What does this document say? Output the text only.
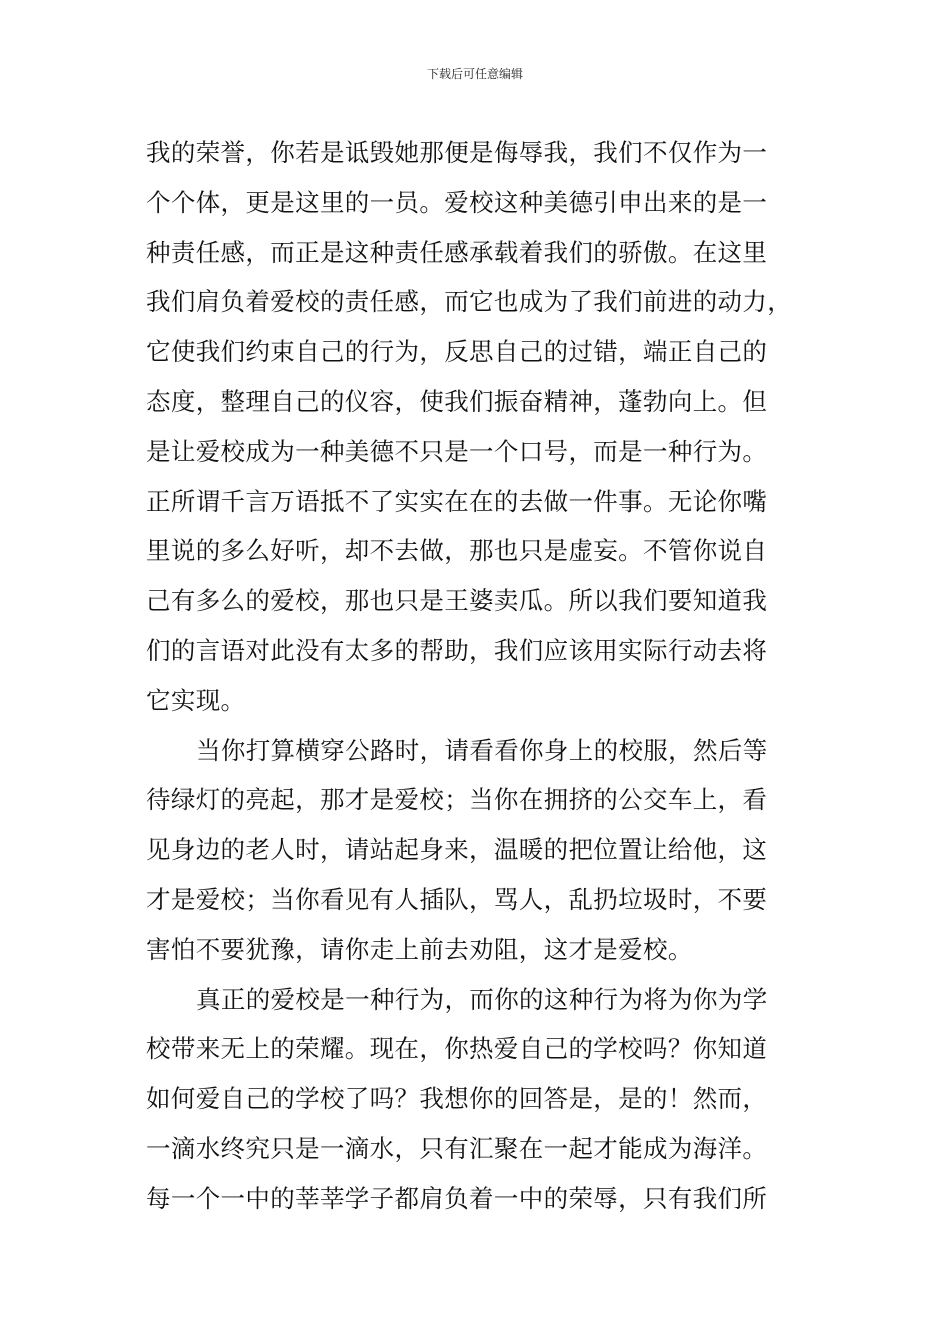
下载后可任意编辑
我的荣誉，你若是诋毁她那便是侮辱我，我们不仅作为一
个个体，更是这里的一员。爱校这种美德引申出来的是一
种责任感，而正是这种责任感承载着我们的骄傲。在这里
我们肩负着爱校的责任感，而它也成为了我们前进的动力，
它使我们约束自己的行为，反思自己的过错，端正自己的
态度，整理自己的仪容，使我们振奋精神，蓬勃向上。但
是让爱校成为一种美德不只是一个口号，而是一种行为。
正所谓千言万语抵不了实实在在的去做一件事。无论你嘴
里说的多么好听，却不去做，那也只是虚妄。不管你说自
己有多么的爱校，那也只是王婆卖瓜。所以我们要知道我
们的言语对此没有太多的帮助，我们应该用实际行动去将
它实现。
当你打算横穿公路时，请看看你身上的校服，然后等
待绿灯的亮起，那才是爱校；当你在拥挤的公交车上，看
见身边的老人时，请站起身来，温暖的把位置让给他，这
才是爱校；当你看见有人插队，骂人，乱扔垃圾时，不要
害怕不要犹豫，请你走上前去劝阻，这才是爱校。
真正的爱校是一种行为，而你的这种行为将为你为学
校带来无上的荣耀。现在，你热爱自己的学校吗？你知道
如何爱自己的学校了吗？我想你的回答是，是的！然而，
一滴水终究只是一滴水，只有汇聚在一起才能成为海洋。
每一个一中的莘莘学子都肩负着一中的荣辱，只有我们所
